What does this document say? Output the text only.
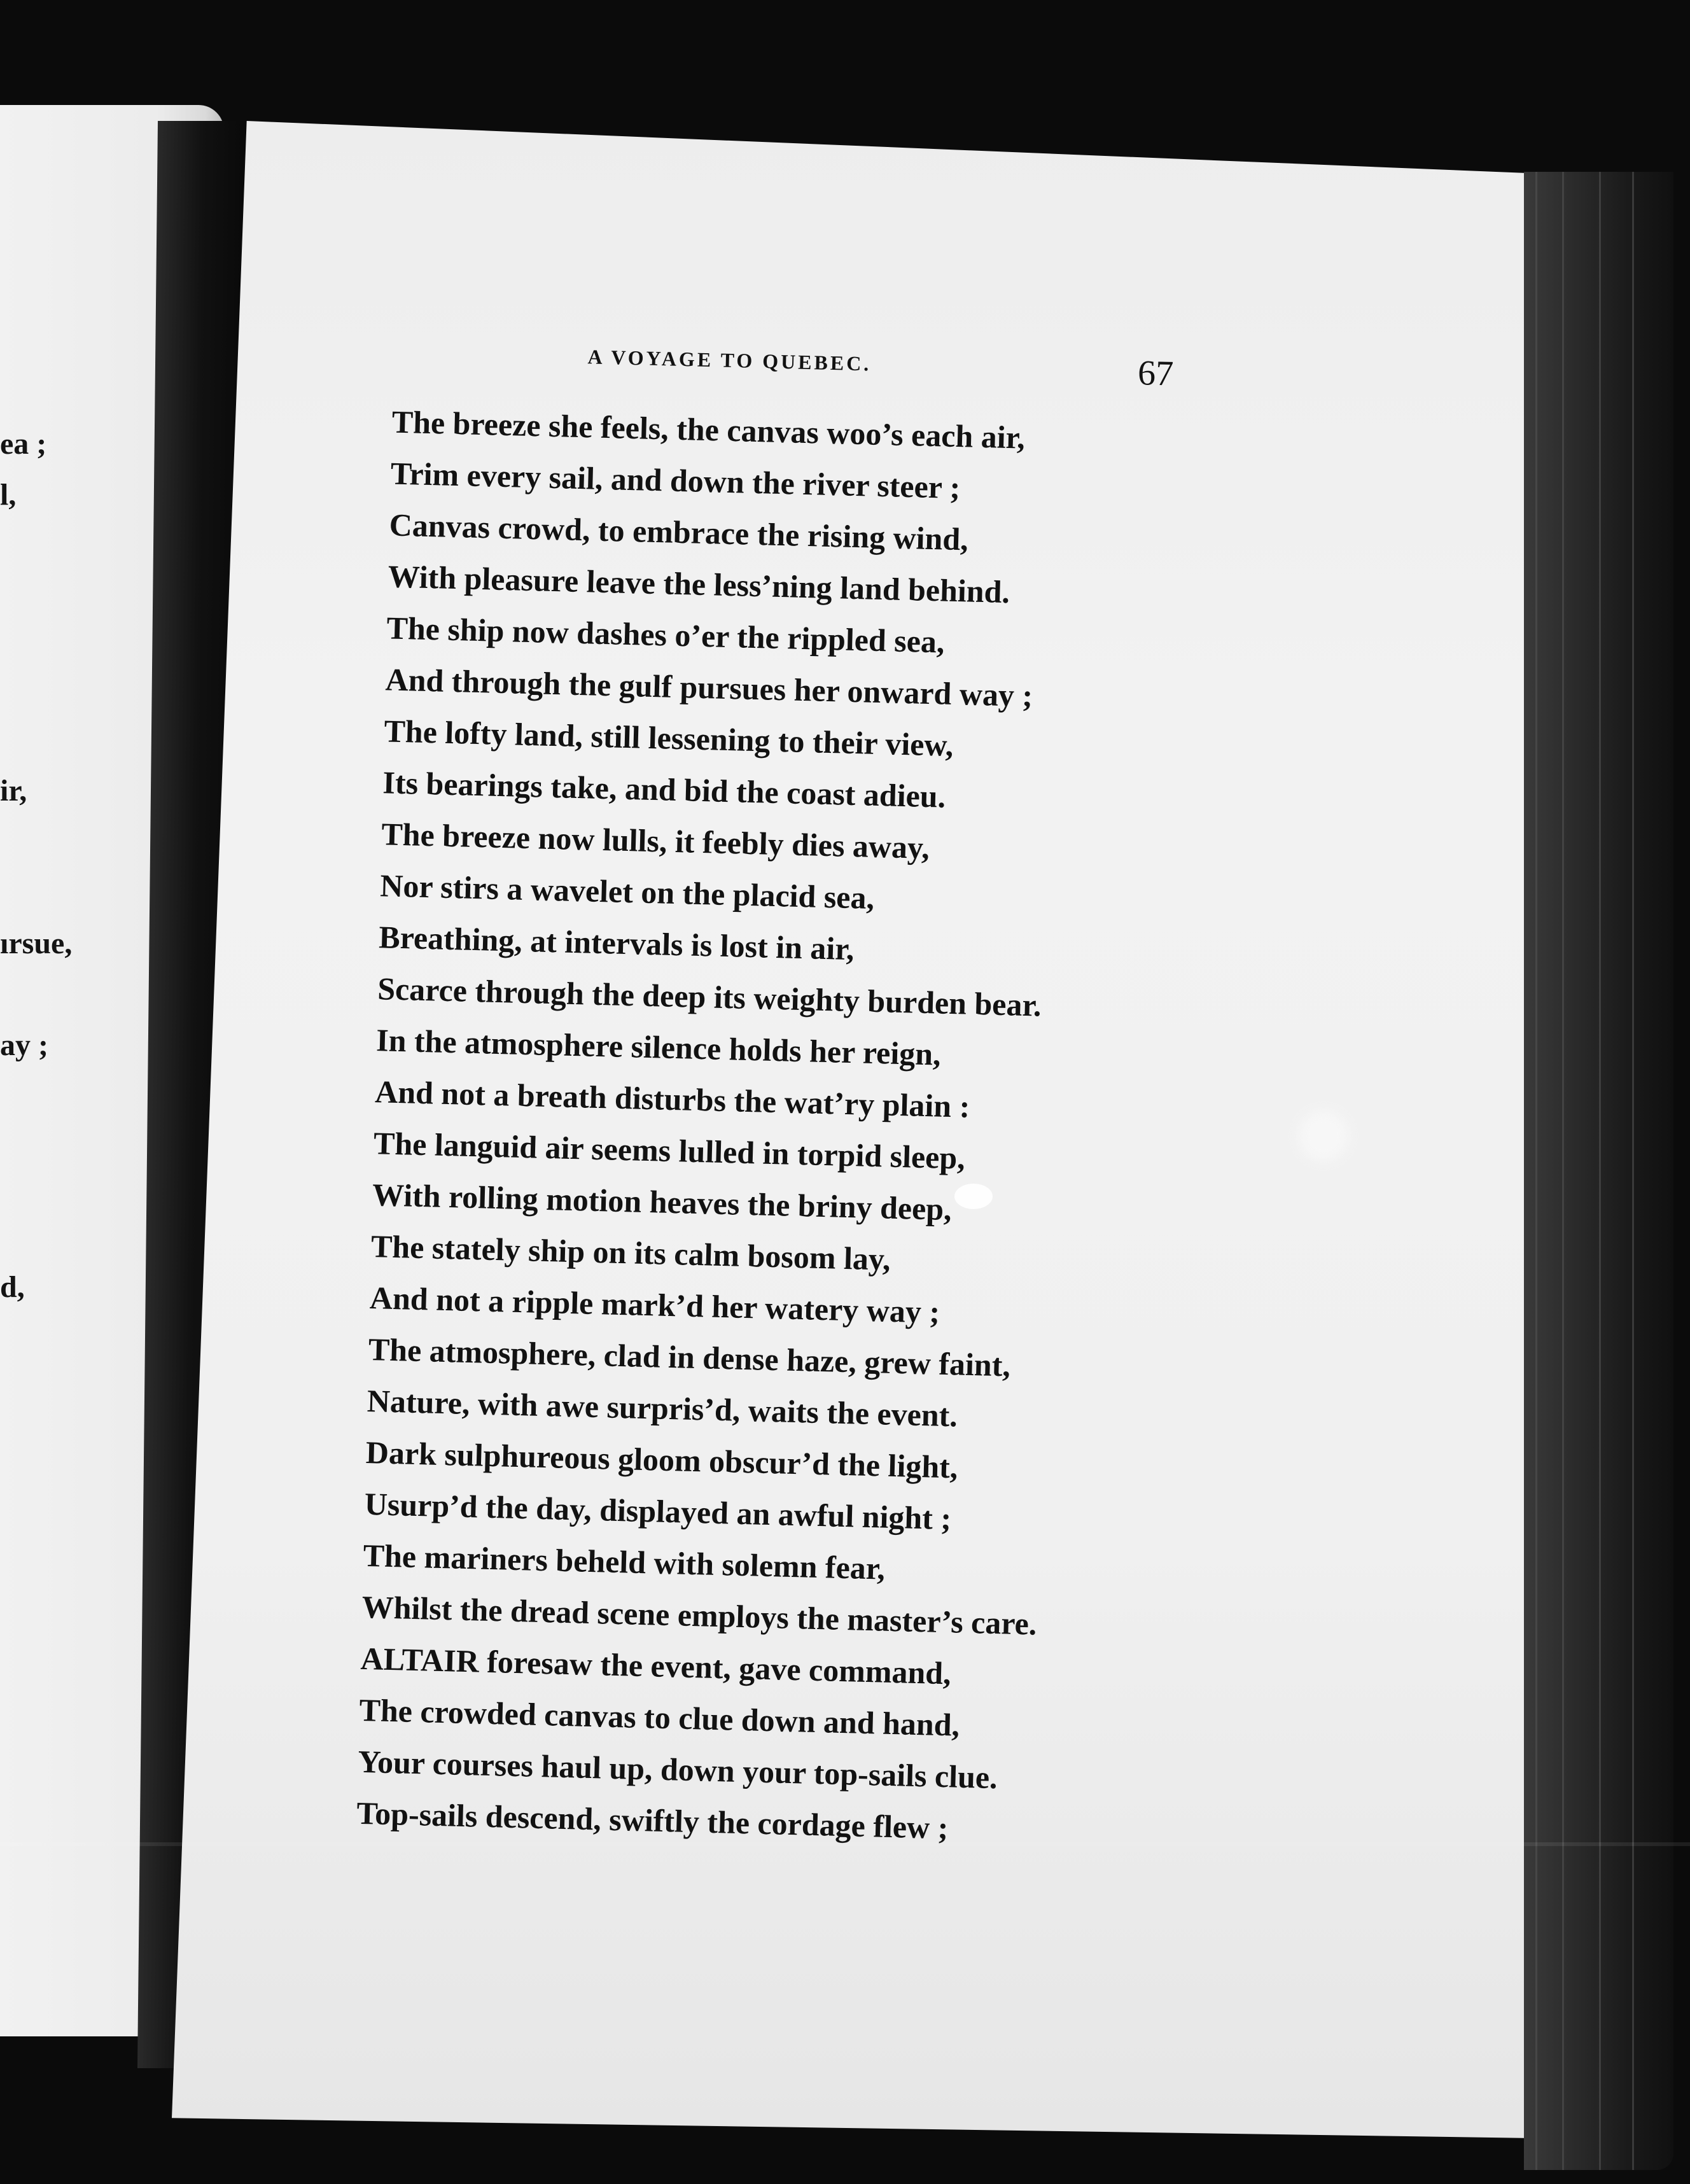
ea ;

l,

ir,

ırsue,

ay ;

d,

A VOYAGE TO QUEBEC.	67
The breeze she feels, the canvas woo’s each air,
Trim every sail, and down the river steer ;
Canvas crowd, to embrace the rising wind,
With pleasure leave the less’ning land behind.
The ship now dashes o’er the rippled sea,
And through the gulf pursues her onward way ;
The lofty land, still lessening to their view,
Its bearings take, and bid the coast adieu.
The breeze now lulls, it feebly dies away,
Nor stirs a wavelet on the placid sea,
Breathing, at intervals is lost in air,
Scarce through the deep its weighty burden bear.
In the atmosphere silence holds her reign,
And not a breath disturbs the wat’ry plain :
The languid air seems lulled in torpid sleep,
With rolling motion heaves the briny deep,
The stately ship on its calm bosom lay,
And not a ripple mark’d her watery way ;
The atmosphere, clad in dense haze, grew faint,
Nature, with awe surpris’d, waits the event.
Dark sulphureous gloom obscur’d the light,
Usurp’d the day, displayed an awful night ;
The mariners beheld with solemn fear,
Whilst the dread scene employs the master’s care.
ALTAIR foresaw the event, gave command,
The crowded canvas to clue down and hand,
Your courses haul up, down your top-sails clue.
Top-sails descend, swiftly the cordage flew ;
